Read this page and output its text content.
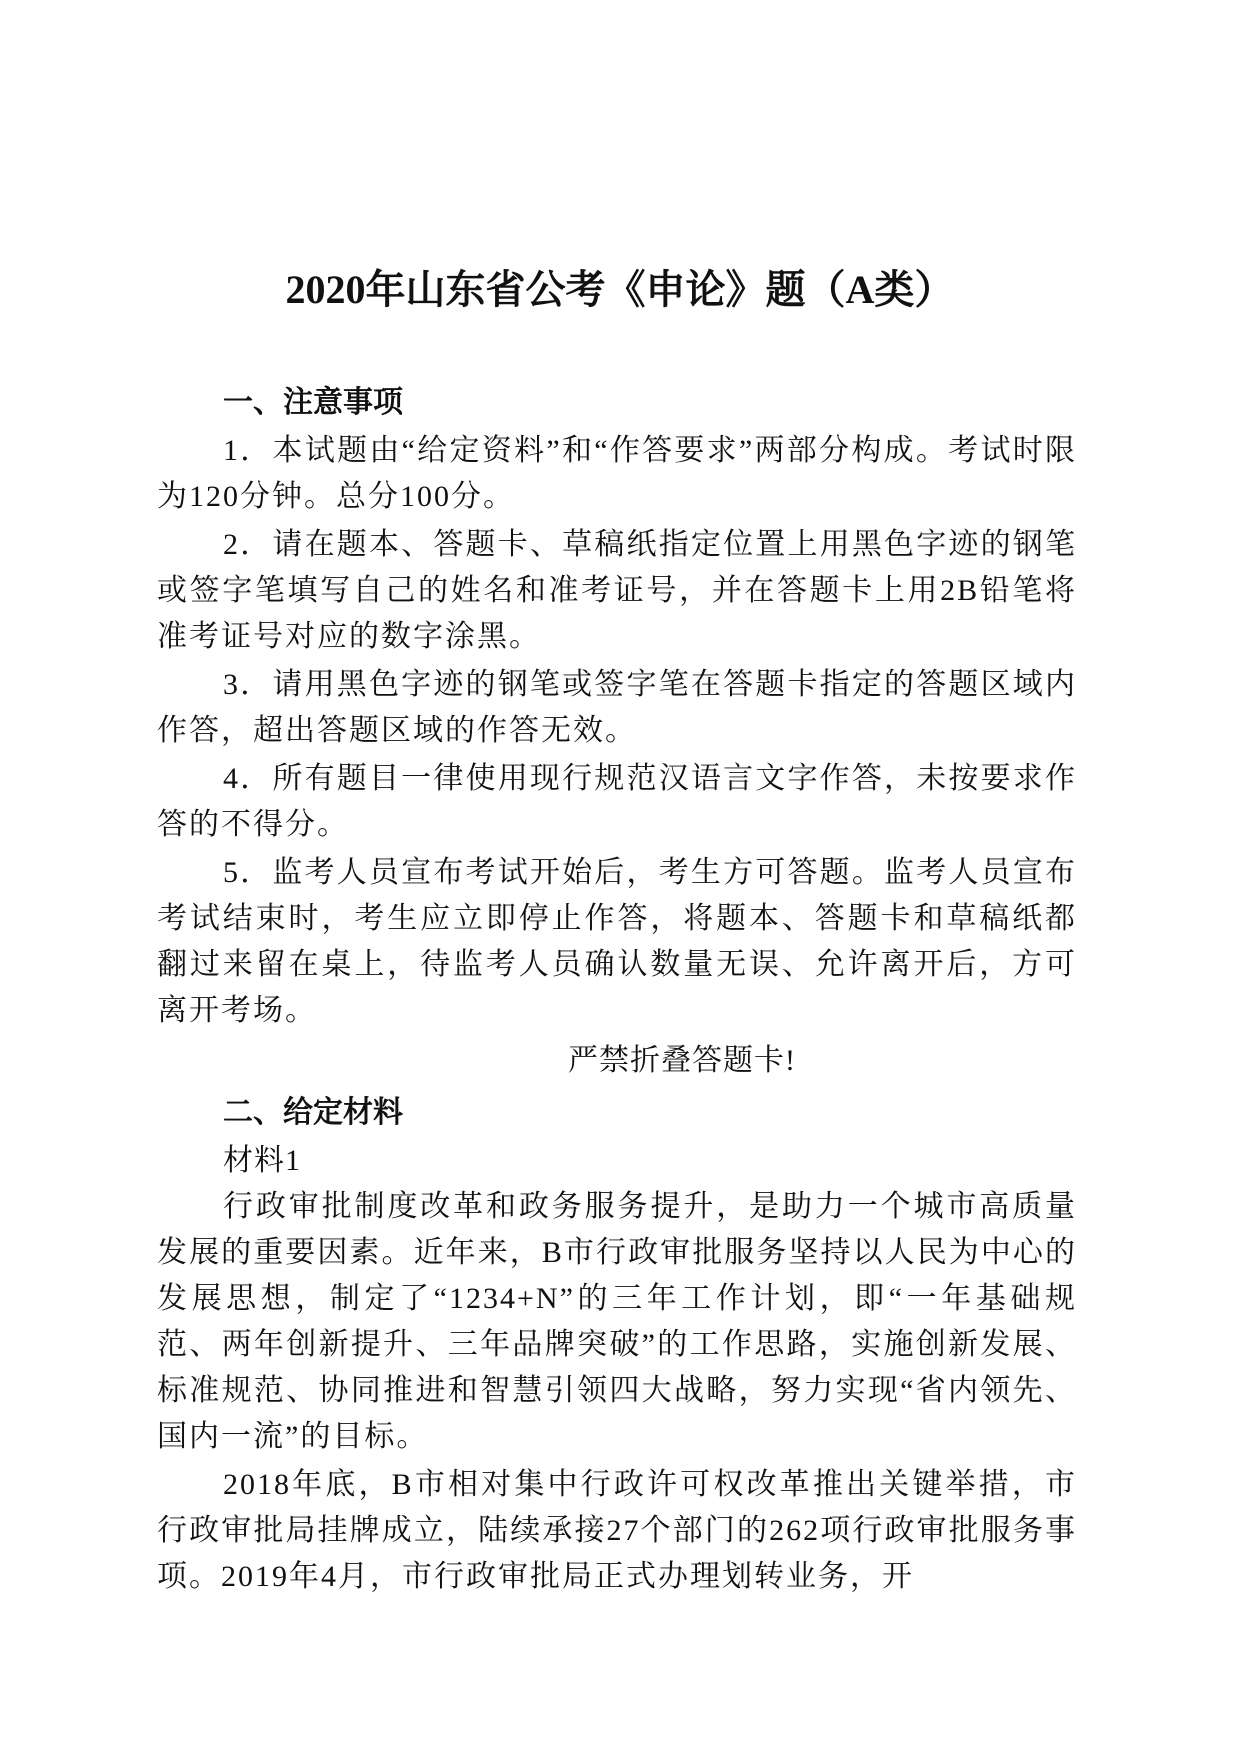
2020年山东省公考《申论》题（A类）
一、注意事项

1．本试题由“给定资料”和“作答要求”两部分构成。考试时限为120分钟。总分100分。

2．请在题本、答题卡、草稿纸指定位置上用黑色字迹的钢笔或签字笔填写自己的姓名和准考证号，并在答题卡上用2B铅笔将准考证号对应的数字涂黑。

3．请用黑色字迹的钢笔或签字笔在答题卡指定的答题区域内作答，超出答题区域的作答无效。

4．所有题目一律使用现行规范汉语言文字作答，未按要求作答的不得分。

5．监考人员宣布考试开始后，考生方可答题。监考人员宣布考试结束时，考生应立即停止作答，将题本、答题卡和草稿纸都翻过来留在桌上，待监考人员确认数量无误、允许离开后，方可离开考场。

严禁折叠答题卡!
二、给定材料
材料1

行政审批制度改革和政务服务提升，是助力一个城市高质量发展的重要因素。近年来，B市行政审批服务坚持以人民为中心的发展思想，制定了“1234+N”的三年工作计划，即“一年基础规范、两年创新提升、三年品牌突破”的工作思路，实施创新发展、标准规范、协同推进和智慧引领四大战略，努力实现“省内领先、国内一流”的目标。

2018年底，B市相对集中行政许可权改革推出关键举措，市行政审批局挂牌成立，陆续承接27个部门的262项行政审批服务事项。2019年4月，市行政审批局正式办理划转业务，开
